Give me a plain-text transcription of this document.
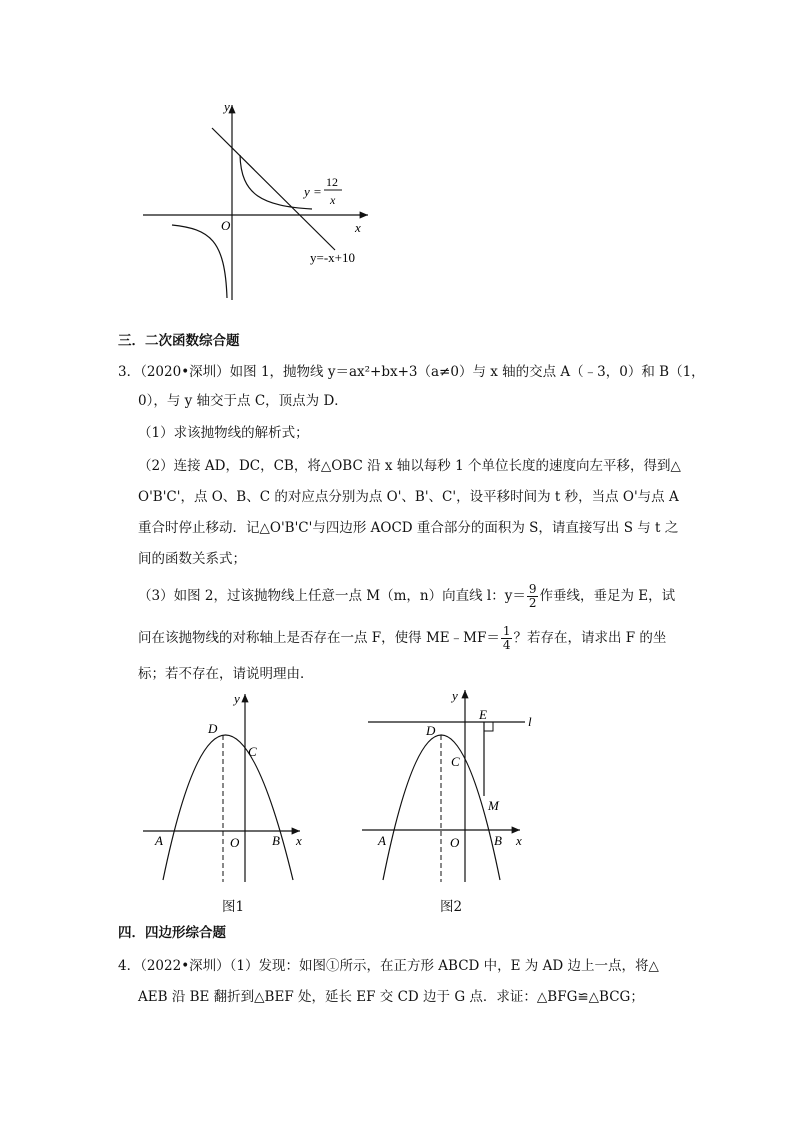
y
x
O
y =
12
x
y=-x+10
三．二次函数综合题
3．（2020•深圳）如图 1，抛物线 y＝ax²+bx+3（a≠0）与 x 轴的交点 A（﹣3，0）和 B（1，
0），与 y 轴交于点 C，顶点为 D．
（1）求该抛物线的解析式；
（2）连接 AD，DC，CB，将△OBC 沿 x 轴以每秒 1 个单位长度的速度向左平移，得到△
O'B'C'，点 O、B、C 的对应点分别为点 O'、B'、C'，设平移时间为 t 秒，当点 O'与点 A
重合时停止移动．记△O'B'C'与四边形 AOCD 重合部分的面积为 S，请直接写出 S 与 t 之
间的函数关系式；
（3）如图 2，过该抛物线上任意一点 M（m，n）向直线 l：$y= \frac{9}{2}$ 作垂线，垂足为 E，试
问在该抛物线的对称轴上是否存在一点 F，使得 ME﹣MF＝ $\frac{1}{4}$ ？若存在，请求出 F 的坐
标；若不存在，请说明理由．
y
x
D
C
A	O	B
图1
y
x
E	l
D
C
M
A	O	B
图2
四．四边形综合题
4．（2022•深圳）（1）发现：如图①所示，在正方形 ABCD 中，E 为 AD 边上一点，将△
AEB 沿 BE 翻折到△BEF 处，延长 EF 交 CD 边于 G 点．求证：△BFG≌△BCG；
